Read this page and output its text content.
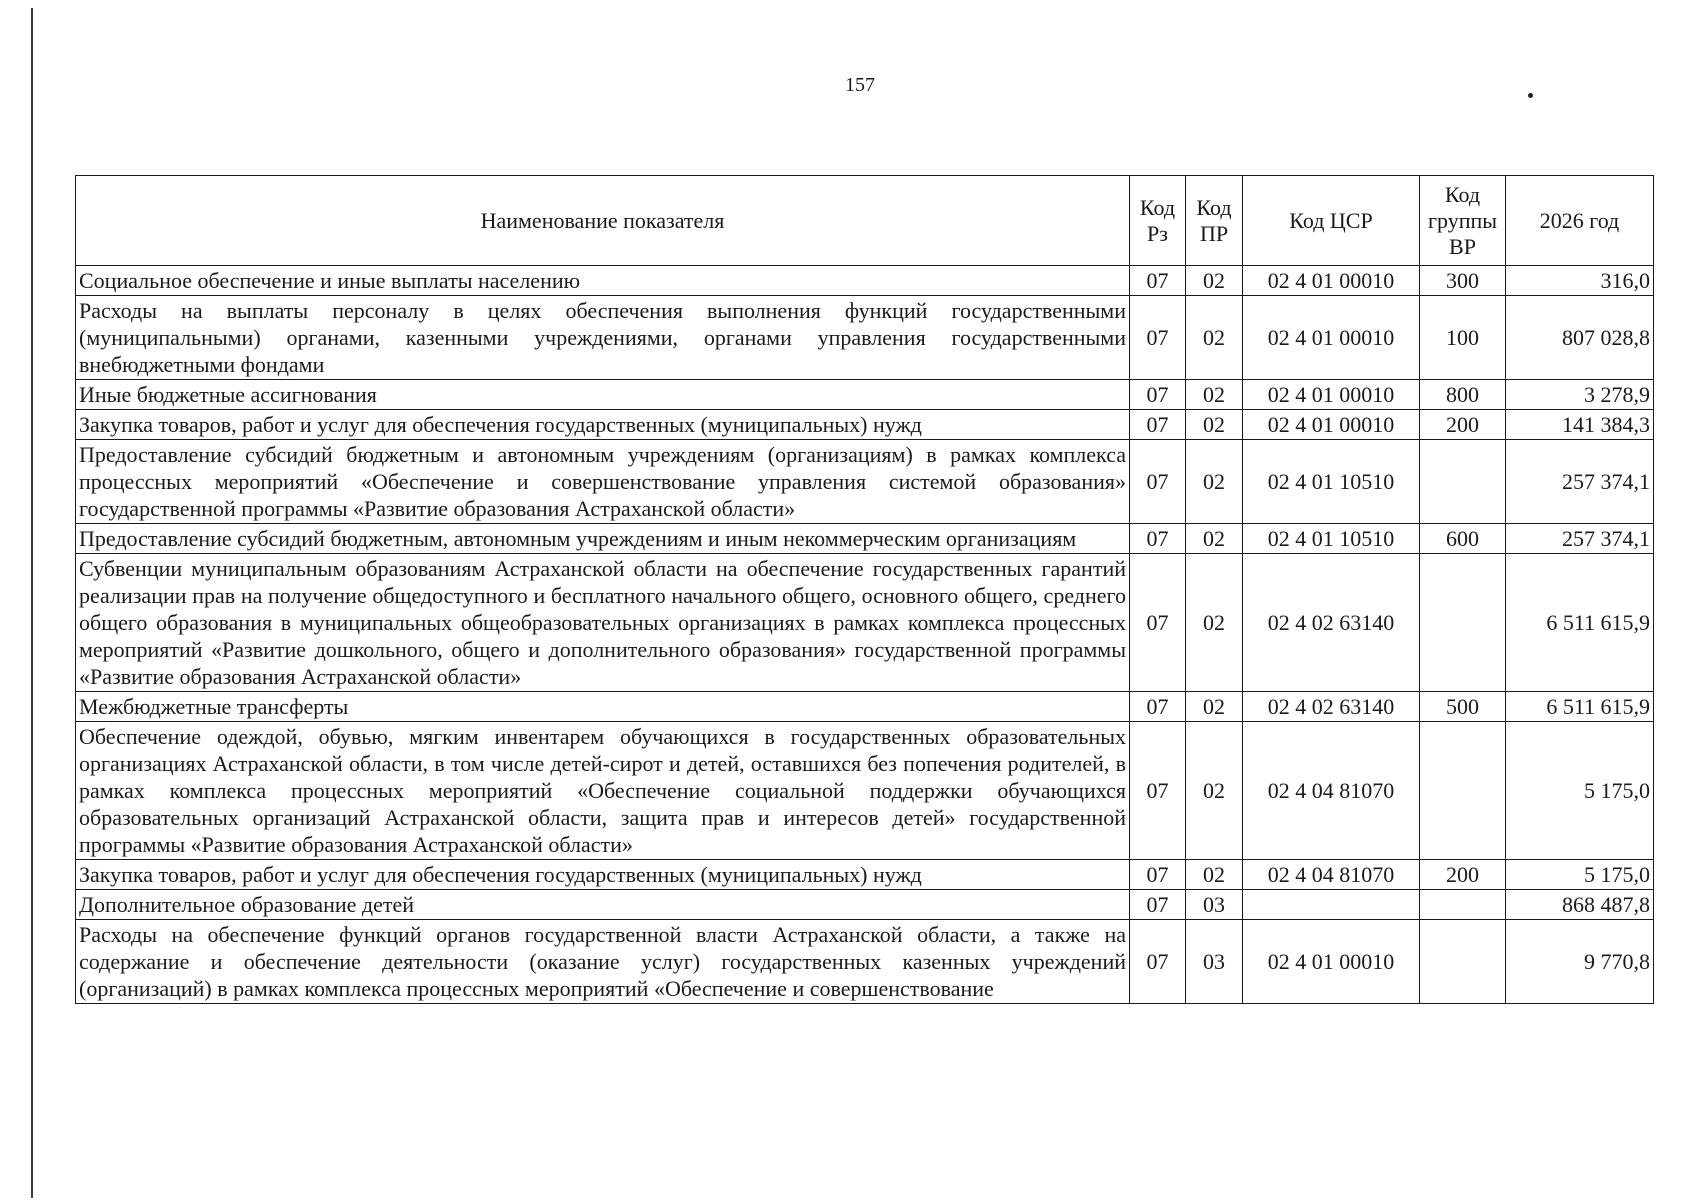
157
Наименование показателя	Код Рз	Код ПР	Код ЦСР	Код группы ВР	2026 год
Социальное обеспечение и иные выплаты населению	07	02	02 4 01 00010	300	316,0
Расходы на выплаты персоналу в целях обеспечения выполнения функций государственными (муниципальными) органами, казенными учреждениями, органами управления государственными внебюджетными фондами	07	02	02 4 01 00010	100	807 028,8
Иные бюджетные ассигнования	07	02	02 4 01 00010	800	3 278,9
Закупка товаров, работ и услуг для обеспечения государственных (муниципальных) нужд	07	02	02 4 01 00010	200	141 384,3
Предоставление субсидий бюджетным и автономным учреждениям (организациям) в рамках комплекса процессных мероприятий «Обеспечение и совершенствование управления системой образования» государственной программы «Развитие образования Астраханской области»	07	02	02 4 01 10510		257 374,1
Предоставление субсидий бюджетным, автономным учреждениям и иным некоммерческим организациям	07	02	02 4 01 10510	600	257 374,1
Субвенции муниципальным образованиям Астраханской области на обеспечение государственных гарантий реализации прав на получение общедоступного и бесплатного начального общего, основного общего, среднего общего образования в муниципальных общеобразовательных организациях в рамках комплекса процессных мероприятий «Развитие дошкольного, общего и дополнительного образования» государственной программы «Развитие образования Астраханской области»	07	02	02 4 02 63140		6 511 615,9
Межбюджетные трансферты	07	02	02 4 02 63140	500	6 511 615,9
Обеспечение одеждой, обувью, мягким инвентарем обучающихся в государственных образовательных организациях Астраханской области, в том числе детей-сирот и детей, оставшихся без попечения родителей, в рамках комплекса процессных мероприятий «Обеспечение социальной поддержки обучающихся образовательных организаций Астраханской области, защита прав и интересов детей» государственной программы «Развитие образования Астраханской области»	07	02	02 4 04 81070		5 175,0
Закупка товаров, работ и услуг для обеспечения государственных (муниципальных) нужд	07	02	02 4 04 81070	200	5 175,0
Дополнительное образование детей	07	03			868 487,8
Расходы на обеспечение функций органов государственной власти Астраханской области, а также на содержание и обеспечение деятельности (оказание услуг) государственных казенных учреждений (организаций) в рамках комплекса процессных мероприятий «Обеспечение и совершенствование	07	03	02 4 01 00010		9 770,8
